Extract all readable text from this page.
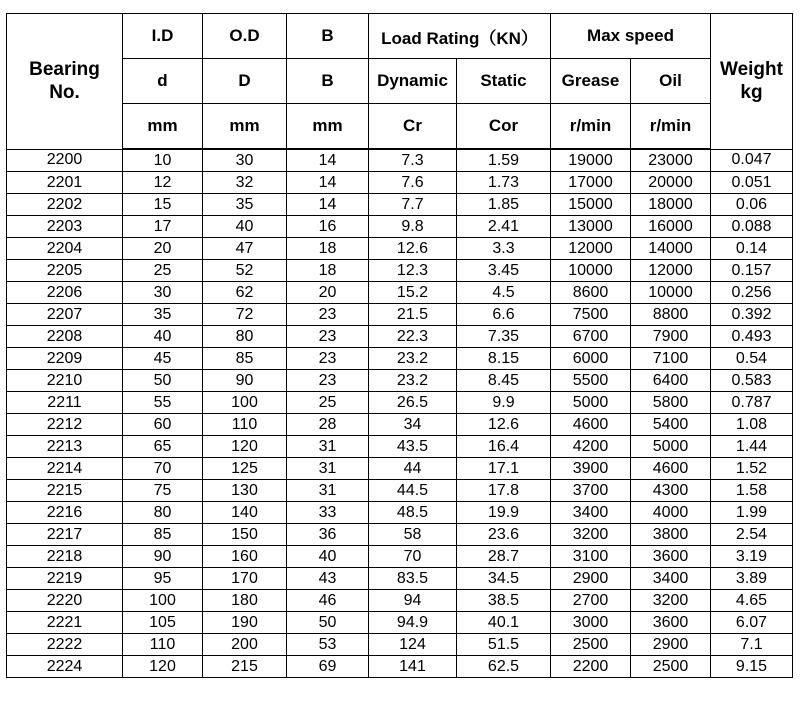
Bearing
No.	I.D	O.D	B	Load Rating（KN）		Max speed		Weight
kg
	d	D	B	Dynamic	Static	Grease	Oil	
	mm	mm	mm	Cr	Cor	r/min	r/min	
2200	10	30	14	7.3	1.59	19000	23000	0.047
2201	12	32	14	7.6	1.73	17000	20000	0.051
2202	15	35	14	7.7	1.85	15000	18000	0.06
2203	17	40	16	9.8	2.41	13000	16000	0.088
2204	20	47	18	12.6	3.3	12000	14000	0.14
2205	25	52	18	12.3	3.45	10000	12000	0.157
2206	30	62	20	15.2	4.5	8600	10000	0.256
2207	35	72	23	21.5	6.6	7500	8800	0.392
2208	40	80	23	22.3	7.35	6700	7900	0.493
2209	45	85	23	23.2	8.15	6000	7100	0.54
2210	50	90	23	23.2	8.45	5500	6400	0.583
2211	55	100	25	26.5	9.9	5000	5800	0.787
2212	60	110	28	34	12.6	4600	5400	1.08
2213	65	120	31	43.5	16.4	4200	5000	1.44
2214	70	125	31	44	17.1	3900	4600	1.52
2215	75	130	31	44.5	17.8	3700	4300	1.58
2216	80	140	33	48.5	19.9	3400	4000	1.99
2217	85	150	36	58	23.6	3200	3800	2.54
2218	90	160	40	70	28.7	3100	3600	3.19
2219	95	170	43	83.5	34.5	2900	3400	3.89
2220	100	180	46	94	38.5	2700	3200	4.65
2221	105	190	50	94.9	40.1	3000	3600	6.07
2222	110	200	53	124	51.5	2500	2900	7.1
2224	120	215	69	141	62.5	2200	2500	9.15
